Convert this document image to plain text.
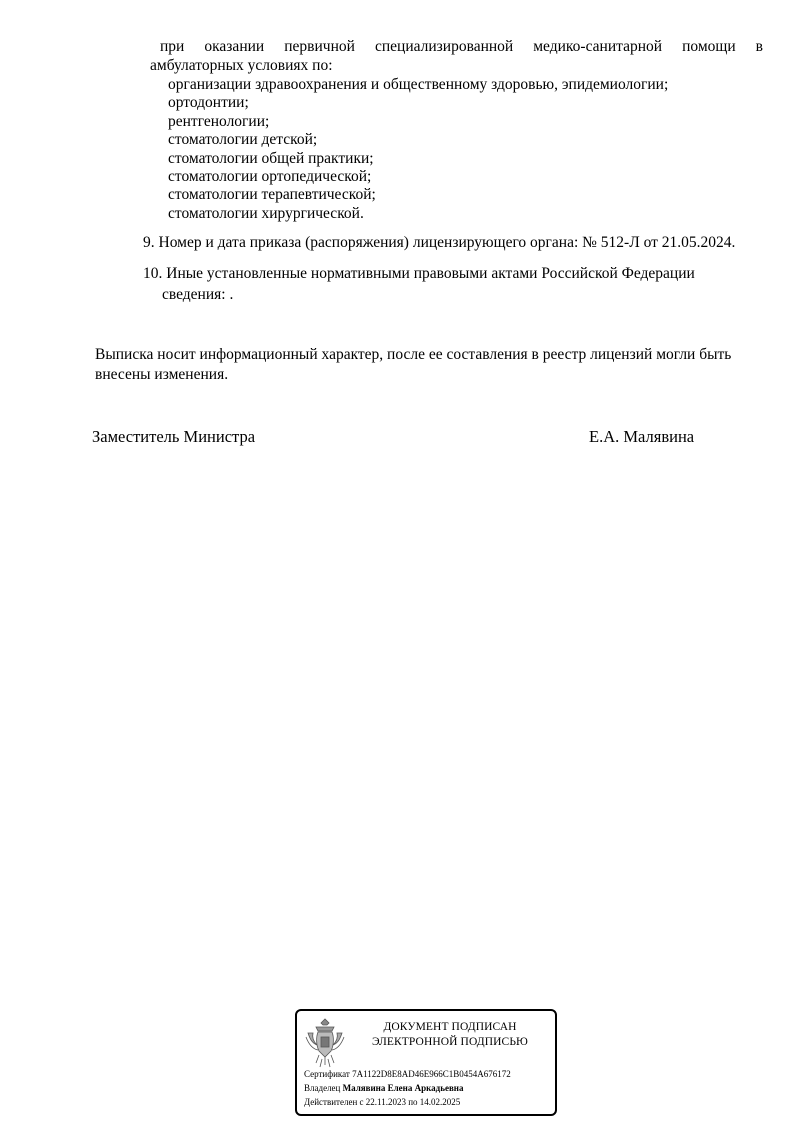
при оказании первичной специализированной медико-санитарной помощи в
амбулаторных условиях по:
организации здравоохранения и общественному здоровью, эпидемиологии;
ортодонтии;
рентгенологии;
стоматологии детской;
стоматологии общей практики;
стоматологии ортопедической;
стоматологии терапевтической;
стоматологии хирургической.
9. Номер и дата приказа (распоряжения) лицензирующего органа: № 512-Л от 21.05.2024.
10. Иные установленные нормативными правовыми актами Российской Федерации
сведения: .
Выписка носит информационный характер, после ее составления в реестр лицензий могли быть
внесены изменения.
Заместитель Министра	Е.А. Малявина
ДОКУМЕНТ ПОДПИСАН
ЭЛЕКТРОННОЙ ПОДПИСЬЮ
Сертификат 7A1122D8E8AD46E966C1B0454A676172
Владелец Малявина Елена Аркадьевна
Действителен с 22.11.2023 по 14.02.2025
